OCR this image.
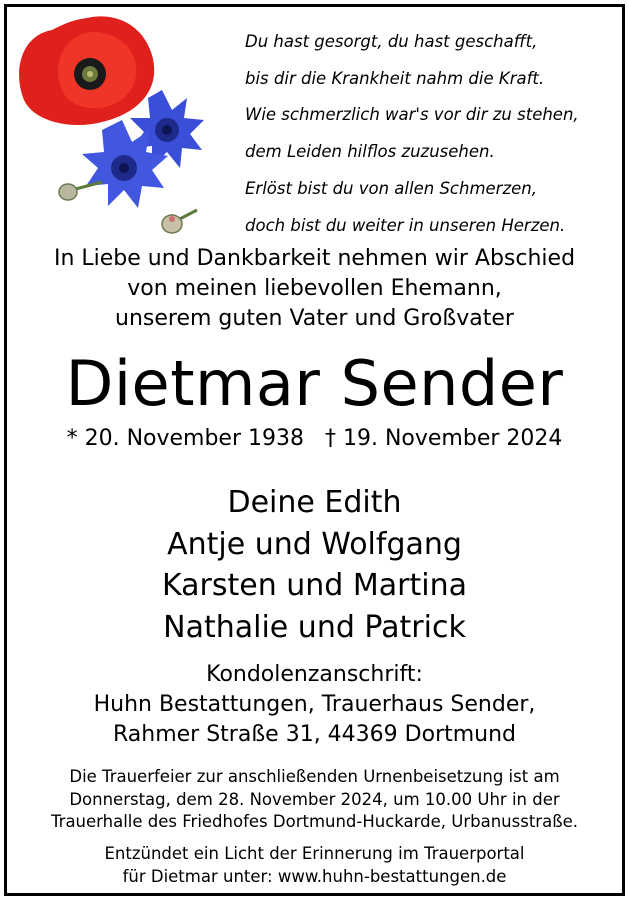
Du hast gesorgt, du hast geschafft,
bis dir die Krankheit nahm die Kraft.
Wie schmerzlich war's vor dir zu stehen,
dem Leiden hilflos zuzusehen.
Erlöst bist du von allen Schmerzen,
doch bist du weiter in unseren Herzen.
In Liebe und Dankbarkeit nehmen wir Abschied
von meinen liebevollen Ehemann,
unserem guten Vater und Großvater
Dietmar Sender
* 20. November 1938 † 19. November 2024
Deine Edith
Antje und Wolfgang
Karsten und Martina
Nathalie und Patrick
Kondolenzanschrift:
Huhn Bestattungen, Trauerhaus Sender,
Rahmer Straße 31, 44369 Dortmund
Die Trauerfeier zur anschließenden Urnenbeisetzung ist am
Donnerstag, dem 28. November 2024, um 10.00 Uhr in der
Trauerhalle des Friedhofes Dortmund-Huckarde, Urbanusstraße.
Entzündet ein Licht der Erinnerung im Trauerportal
für Dietmar unter: www.huhn-bestattungen.de
